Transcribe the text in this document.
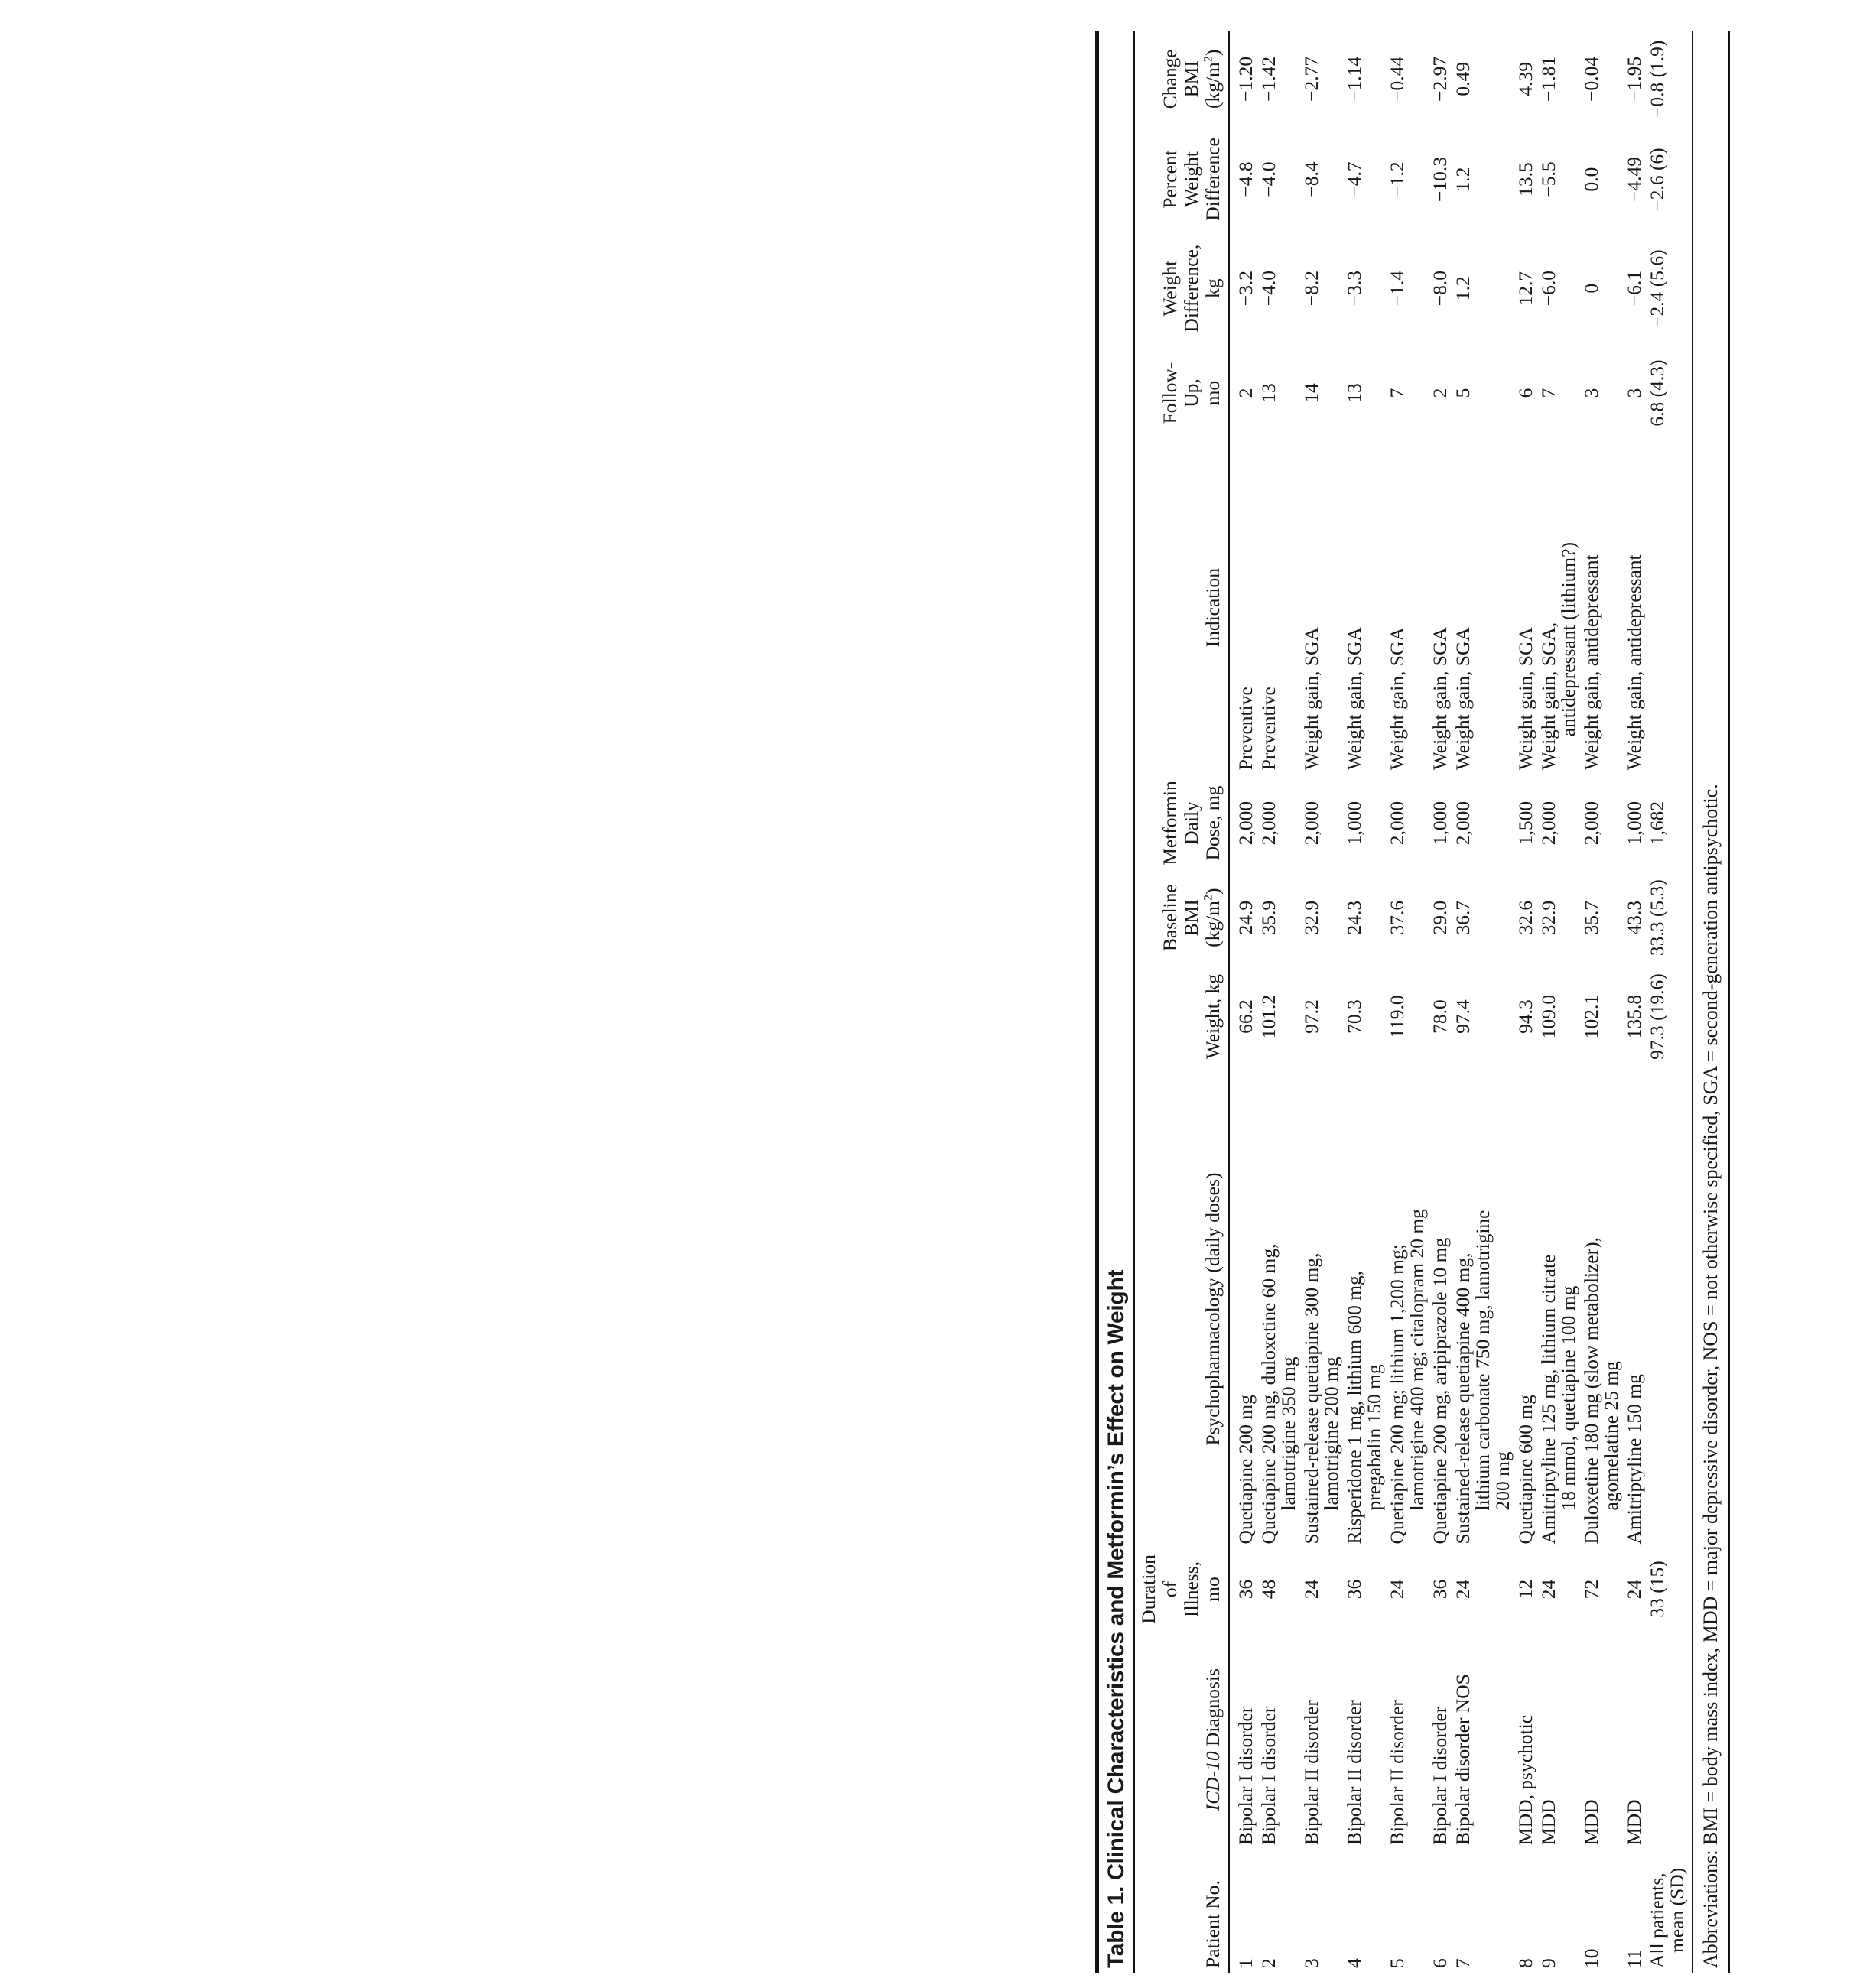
Table 1. Clinical Characteristics and Metformin’s Effect on Weight	Patient No.	ICD-10 Diagnosis	Duration
of Illness,
mo	Psychopharmacology (daily doses)	Weight, kg	Baseline
BMI
$(kg/m^2)$	Metformin
Daily
Dose, mg	Indication	Follow-Up,
mo	Weight
Difference,
kg	Percent
Weight
Difference	Change
BMI
$(kg/m^2)$

1	Bipolar I disorder	36	Quetiapine 200 mg	66.2	24.9	2,000	Preventive	2	−3.2	−4.8	−1.20

2	Bipolar I disorder	48	Quetiapine 200 mg, duloxetine 60 mg,
lamotrigine 350 mg	101.2	35.9	2,000	Preventive	13	−4.0	−4.0	−1.42

3	Bipolar II disorder	24	Sustained-release quetiapine 300 mg,
lamotrigine 200 mg	97.2	32.9	2,000	Weight gain, SGA	14	−8.2	−8.4	−2.77

4	Bipolar II disorder	36	Risperidone 1 mg, lithium 600 mg,
pregabalin 150 mg	70.3	24.3	1,000	Weight gain, SGA	13	−3.3	−4.7	−1.14

5	Bipolar II disorder	24	Quetiapine 200 mg; lithium 1,200 mg;
lamotrigine 400 mg; citalopram 20 mg	119.0	37.6	2,000	Weight gain, SGA	7	−1.4	−1.2	−0.44

6	Bipolar I disorder	36	Quetiapine 200 mg, aripiprazole 10 mg	78.0	29.0	1,000	Weight gain, SGA	2	−8.0	−10.3	−2.97

7	Bipolar disorder NOS	24	Sustained-release quetiapine 400 mg,
lithium carbonate 750 mg, lamotrigine
200 mg	97.4	36.7	2,000	Weight gain, SGA	5	1.2	1.2	0.49

8	MDD, psychotic	12	Quetiapine 600 mg	94.3	32.6	1,500	Weight gain, SGA	6	12.7	13.5	4.39

9	MDD	24	Amitriptyline 125 mg, lithium citrate
18 mmol, quetiapine 100 mg	109.0	32.9	2,000	Weight gain, SGA,
antidepressant (lithium?)	7	−6.0	−5.5	−1.81

10	MDD	72	Duloxetine 180 mg (slow metabolizer),
agomelatine 25 mg	102.1	35.7	2,000	Weight gain, antidepressant	3	0	0.0	−0.04

11	MDD	24	Amitriptyline 150 mg	135.8	43.3	1,000	Weight gain, antidepressant	3	−6.1	−4.49	−1.95

All patients,
mean (SD)		33 (15)		97.3 (19.6)	33.3 (5.3)	1,682		6.8 (4.3)	−2.4 (5.6)	−2.6 (6)	−0.8 (1.9)
Abbreviations: BMI = body mass index, MDD = major depressive disorder, NOS = not otherwise specified, SGA = second-generation antipsychotic.
